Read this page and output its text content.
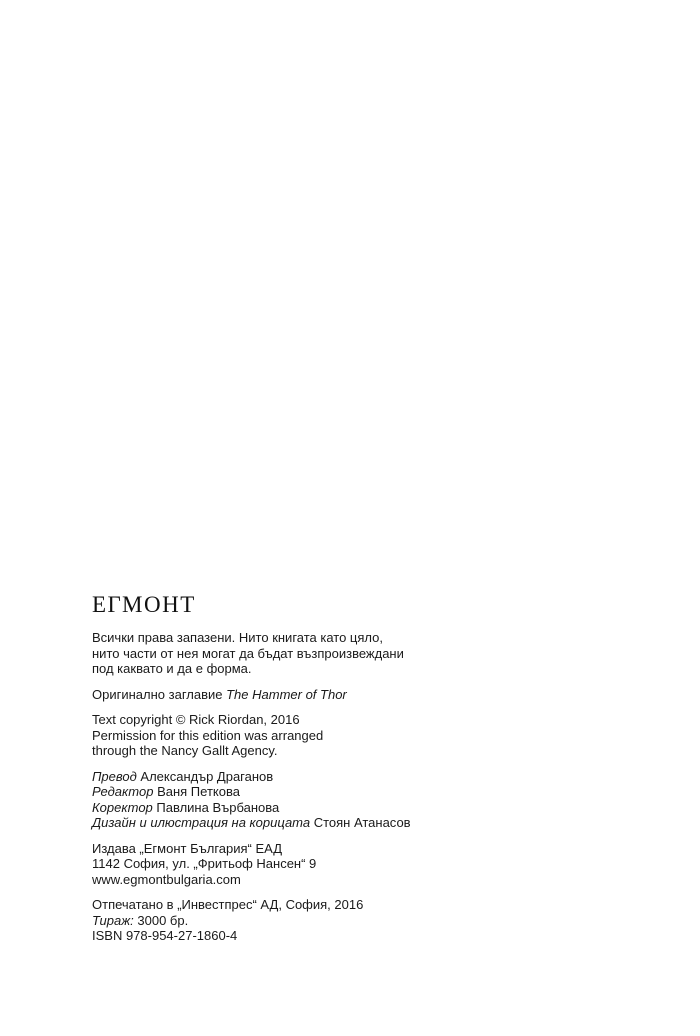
ЕГМОНТ
Всички права запазени. Нито книгата като цяло,
нито части от нея могат да бъдат възпроизвеждани
под каквато и да е форма.
Оригинално заглавие The Hammer of Thor
Text copyright © Rick Riordan, 2016
Permission for this edition was arranged
through the Nancy Gallt Agency.
Превод Александър Драганов
Редактор Ваня Петкова
Коректор Павлина Върбанова
Дизайн и илюстрация на корицата Стоян Атанасов
Издава „Егмонт България“ ЕАД
1142 София, ул. „Фритьоф Нансен“ 9
www.egmontbulgaria.com
Отпечатано в „Инвестпрес“ АД, София, 2016
Тираж: 3000 бр.
ISBN 978-954-27-1860-4
